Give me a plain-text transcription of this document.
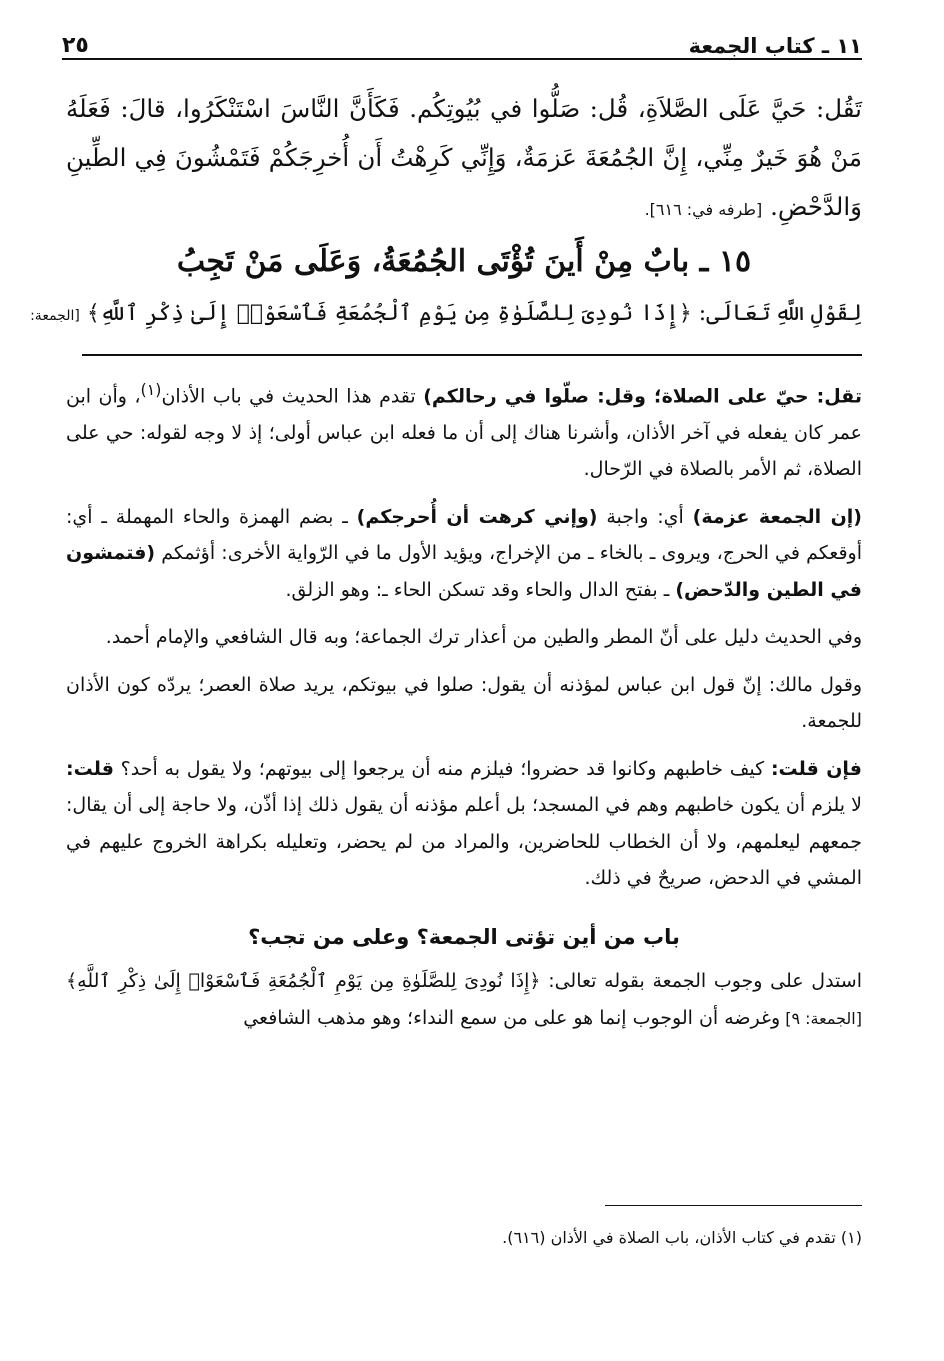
١١ ـ كتاب الجمعة
٢٥
تَقُل: حَيَّ عَلَى الصَّلاَةِ، قُل: صَلُّوا في بُيُوتِكُم. فَكَأَنَّ النَّاسَ اسْتَنْكَرُوا، قالَ: فَعَلَهُ مَنْ هُوَ خَيرٌ مِنِّي، إِنَّ الجُمُعَةَ عَزمَةٌ، وَإِنِّي كَرِهْتُ أَن أُخرِجَكُمْ فَتَمْشُونَ فِي الطِّينِ وَالدَّحْضِ. [طرفه في: ٦١٦].
١٥ ـ بابٌ مِنْ أَينَ تُؤْتَى الجُمُعَةُ، وَعَلَى مَنْ تَجِبُ
لِقَوْلِ اللَّهِ تَعَالَى: ﴿إِذَا نُودِىَ لِلصَّلَوٰةِ مِن يَوْمِ ٱلْجُمُعَةِ فَٱسْعَوْا۟ إِلَىٰ ذِكْرِ ٱللَّهِ﴾ [الجمعة:

تقل: حيّ على الصلاة؛ وقل: صلّوا في رحالكم) تقدم هذا الحديث في باب الأذان$^{(١)}$، وأن ابن عمر كان يفعله في آخر الأذان، وأشرنا هناك إلى أن ما فعله ابن عباس أولى؛ إذ لا وجه لقوله: حي على الصلاة، ثم الأمر بالصلاة في الرّحال.

(إن الجمعة عزمة) أي: واجبة (وإني كرهت أن أُحرجكم) ـ بضم الهمزة والحاء المهملة ـ أي: أوقعكم في الحرج، ويروى ـ بالخاء ـ من الإخراج، ويؤيد الأول ما في الرّواية الأخرى: أؤثمكم (فتمشون في الطين والدّحض) ـ بفتح الدال والحاء وقد تسكن الحاء ـ: وهو الزلق.

وفي الحديث دليل على أنّ المطر والطين من أعذار ترك الجماعة؛ وبه قال الشافعي والإمام أحمد.

وقول مالك: إنّ قول ابن عباس لمؤذنه أن يقول: صلوا في بيوتكم، يريد صلاة العصر؛ يردّه كون الأذان للجمعة.

فإن قلت: كيف خاطبهم وكانوا قد حضروا؛ فيلزم منه أن يرجعوا إلى بيوتهم؛ ولا يقول به أحد؟ قلت: لا يلزم أن يكون خاطبهم وهم في المسجد؛ بل أعلم مؤذنه أن يقول ذلك إذا أذّن، ولا حاجة إلى أن يقال: جمعهم ليعلمهم، ولا أن الخطاب للحاضرين، والمراد من لم يحضر، وتعليله بكراهة الخروج عليهم في المشي في الدحض، صريحٌ في ذلك.

باب من أين تؤتى الجمعة؟ وعلى من تجب؟

استدل على وجوب الجمعة بقوله تعالى: ﴿إِذَا نُودِىَ لِلصَّلَوٰةِ مِن يَوْمِ ٱلْجُمُعَةِ فَٱسْعَوْا۟ إِلَىٰ ذِكْرِ ٱللَّهِ﴾ [الجمعة: ٩] وغرضه أن الوجوب إنما هو على من سمع النداء؛ وهو مذهب الشافعي

(١) تقدم في كتاب الأذان، باب الصلاة في الأذان (٦١٦).
